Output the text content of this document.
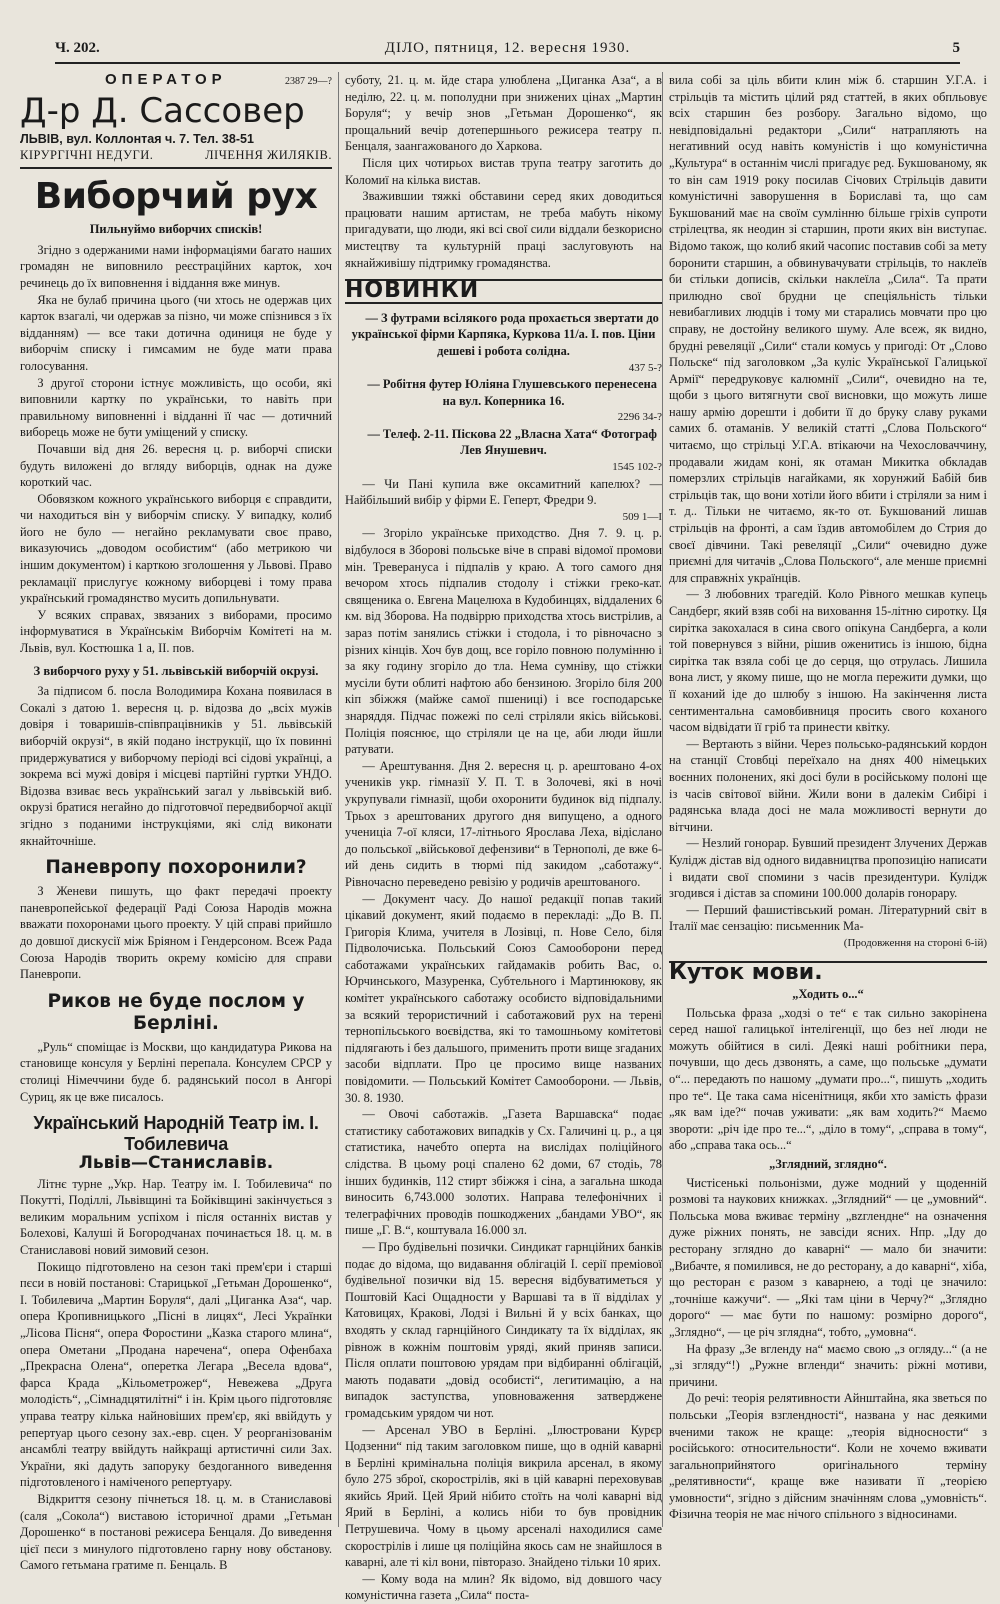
Ч. 202.	ДІЛО, пятниця, 12. вересня 1930.	5
ОПЕРАТОР	2387 29—?
Д-р Д. Сассовер
ЛЬВІВ, вул. Коллонтая ч. 7. Тел. 38-51
КІРУРГІЧНІ НЕДУГИ.	ЛІЧЕННЯ ЖИЛЯКІВ.
Виборчий рух
Пильнуймо виборчих списків!

Згідно з одержаними нами інформаціями багато наших громадян не виповнило реєстраційних карток, хоч речинець до їх виповнення і віддання вже минув.

Яка не булаб причина цього (чи хтось не одержав цих карток взагалі, чи одержав за пізно, чи може спізнився з їх відданням) — все таки дотична одиниця не буде у виборчім списку і гимсамим не буде мати права голосування.

З другої сторони істнує можливість, що особи, які виповнили картку по українськи, то навіть при правильному виповненні і відданні її час — дотичний виборець може не бути уміщений у списку.

Почавши від дня 26. вересня ц. р. виборчі списки будуть виложені до вгляду виборців, однак на дуже короткий час.

Обовязком кожного українського виборця є справдити, чи находиться він у виборчім списку. У випадку, колиб його не було — негайно рекламувати своє право, виказуючись „доводом особистим“ (або метрикою чи іншим документом) і карткою зголошення у Львові. Право рекламації прислугує кожному виборцеві і тому права український громадянство мусить допильнувати.

У всяких справах, звязаних з виборами, просимо інформуватися в Українськім Виборчім Комітеті на м. Львів, вул. Костюшка 1 а, II. пов.

З виборчого руху у 51. львівській виборчій окрузі.

За підписом б. посла Володимира Кохана появилася в Сокалі з датою 1. вересня ц. р. відозва до „всіх мужів довіря і товаришів-співпрацівників у 51. львівській виборчій окрузі“, в якій подано інструкції, що їх повинні придержуватися у виборчому періоді всі сідові українці, а зокрема всі мужі довіря і місцеві партійні гуртки УНДО. Відозва взиває весь український загал у львівській виб. окрузі братися негайно до підготовчої передвиборчої акції згідно з поданими інструкціями, які слід виконати якнайточніше.

Паневропу похоронили?

З Женеви пишуть, що факт передачі проекту паневропейської федерації Раді Союза Народів можна вважати похоронами цього проекту. У цій справі прийшло до довшої дискусії між Бріяном і Гендерсоном. Всеж Рада Союза Народів творить окрему комісію для справи Паневропи.

Риков не буде послом у Берліні.

„Руль“ споміщає із Москви, що кандидатура Рикова на становище консуля у Берліні перепала. Консулем СРСР у столиці Німеччини буде б. радянський посол в Ангорі Суриц, як це вже писалось.

Український Народній Театр ім. І. Тобилевича
Львів—Станиславів.

Літнє турне „Укр. Нар. Театру ім. І. Тобилевича“ по Покутті, Поділлі, Львівщині та Бойківщині закінчується з великим моральним успіхом і після останніх вистав у Болехові, Калуші й Богородчанах починається 18. ц. м. в Станиславові новий зимовий сезон.

Покищо підготовлено на сезон такі прем'єри і старші пєси в новій постанові: Старицької „Гетьман Дорошенко“, І. Тобилевича „Мартин Боруля“, далі „Циганка Аза“, чар. опера Кропивницького „Пісні в лицях“, Лесі Українки „Лісова Пісня“, опера Форостини „Казка старого млина“, опера Ометани „Продана наречена“, опера Офенбаха „Прекрасна Олена“, оперетка Легара „Весела вдова“, фарса Крада „Кільометрожер“, Невежева „Друга молодість“, „Сімнадцятилітні“ і ін. Крім цього підготовляє управа театру кілька найновіших прем'єр, які ввійдуть у репертуар цього сезону зах.-евр. сцен. У реорганізованім ансамблі театру ввійдуть найкращі артистичні сили Зах. України, які дадуть запоруку бездоганного виведення підготовленого і наміченого репертуару.

Відкриття сезону пічнеться 18. ц. м. в Станиславові (саля „Сокола“) виставою історичної драми „Гетьман Дорошенко“ в постанові режисера Бенцаля. До виведення цієї пєси з минулого підготовлено гарну нову обстанову. Самого гетьмана гратиме п. Бенцаль. В

суботу, 21. ц. м. йде стара улюблена „Циганка Аза“, а в неділю, 22. ц. м. пополудни при знижених цінах „Мартин Боруля“; у вечір знов „Гетьман Дорошенко“, як прощальний вечір дотепершнього режисера театру п. Бенцаля, заангажованого до Харкова.

Після цих чотирьох вистав трупа театру заготить до Коломиї на кілька вистав.

Зважившии тяжкі обставини серед яких доводиться працювати нашим артистам, не треба мабуть нікому пригадувати, що люди, які всі свої сили віддали безкорисно мистецтву та культурній праці заслуговують на якнайживішу підтримку громадянства.

НОВИНКИ

— З футрами всілякого рода прохається звертати до української фірми Карпяка, Куркова 11/а. І. пов. Ціни дешеві і робота солідна.

437 5-?

— Робітня футер Юліяна Глушевського перенесена на вул. Коперника 16.

2296 34-?

— Телеф. 2-11. Піскова 22 „Власна Хата“ Фотограф Лев Янушевич.

1545 102-?

— Чи Пані купила вже оксамитний капелюх? — Найбільший вибір у фірми Е. Геперт, Фредри 9.

509 1—І

— Згоріло українське приходство. Дня 7. 9. ц. р. відбулося в Зборові польське віче в справі відомої промови мін. Треверануса і підпалів у краю. А того самого дня вечором хтось підпалив стодолу і стіжки греко-кат. священика о. Евгена Мацелюха в Кудобинцях, віддалених 6 км. від Зборова. На подвіррю приходства хтось вистрілив, а зараз потім занялись стіжки і стодола, і то рівночасно з різних кінців. Хоч був дощ, все горіло повною полумінню і за яку годину згоріло до тла. Нема сумніву, що стіжки мусіли бути облиті нафтою або бензиною. Згоріло біля 200 кіп збіжжя (майже самої пшениці) і все господарське знаряддя. Підчас пожежі по селі стріляли якісь військові. Поліція пояснює, що стріляли це на це, аби люди йшли ратувати.

— Арештування. Дня 2. вересня ц. р. арештовано 4-ох учеників укр. гімназії У. П. Т. в Золочеві, які в ночі укрупували гімназії, щоби охоронити будинок від підпалу. Трьох з арештованих другого дня випущено, а одного учениціа 7-ої кляси, 17-літнього Ярослава Леха, відіслано до польської „військової дефензиви“ в Тернополі, де вже 6-ий день сидить в тюрмі під закидом „саботажу“. Рівночасно переведено ревізію у родичів арештованого.

— Документ часу. До нашої редакції попав такий цікавий документ, який подаємо в перекладі: „До В. П. Григорія Клима, учителя в Лозівці, п. Нове Село, біля Підволочиська. Польський Союз Самооборони перед саботажами українських гайдамаків робить Вас, о. Юрчинського, Мазуренка, Субтельного і Мартинюкову, як комітет українського саботажу особисто відповідальними за всякий терористичний і саботажовий рух на терені тернопільського воєвідства, які то тамошньому комітетові підлягають і без дальшого, применить проти вище згаданих засоби відплати. Про це просимо вище названих повідомити. — Польський Комітет Самооборони. — Львів, 30. 8. 1930.

— Овочі саботажів. „Газета Варшавска“ подає статистику саботажових випадків у Сх. Галичині ц. р., а ця статистика, начебто оперта на вислідах поліційного слідства. В цьому році спалено 62 доми, 67 стодіь, 78 інших будинків, 112 стирт збіжжя і сіна, а загальна шкода виносить 6,743.000 золотих. Направа телефонічних і телеграфічних проводів пошкоджених „бандами УВО“, як пише „Г. В.“, коштувала 16.000 зл.

— Про будівельні позички. Синдикат гарнційних банків подає до відома, що видавання облігацій І. серії преміової будівельної позички від 15. вересня відбуватиметься у Поштовій Касі Ощадности у Варшаві та в її відділах у Катовицях, Кракові, Лодзі і Вильні й у всіх банках, що входять у склад гарнційного Синдикату та їх відділах, як рівнож в кожнім поштовім уряді, який приняв записи. Після оплати поштовою урядам при відбиранні облігацій, мають подавати „довід особисті“, легитимацію, а на випадок заступства, уповноваження затверджене громадським урядом чи нот.

— Арсенал УВО в Берліні. „Ілюстровани Курєр Цодзенни“ під таким заголовком пише, що в одній каварні в Берліні кримінальна поліція викрила арсенал, в якому було 275 зброї, скорострілів, які в цій каварні переховував якийсь Ярий. Цей Ярий нібито стоїть на чолі каварні від Ярий в Берліні, а колись ніби то був провідник Петрушевича. Чому в цьому арсеналі находилися саме скорострілів і лише ця поліційна якось сам не знайшлося в каварні, але ті кіл вони, півторазо. Знайдено тільки 10 ярих.

— Кому вода на млин? Як відомо, від довшого часу комуністична газета „Сила“ поста-

вила собі за ціль вбити клин між б. старшин У.Г.А. і стрільців та містить цілий ряд статтей, в яких обпльовує всіх старшин без розбору. Загально відомо, що невідповідальні редактори „Сили“ натрапляють на негативний осуд навіть комуністів і що комуністична „Культура“ в останнім числі пригадує ред. Букшованому, як то він сам 1919 року посилав Січових Стрільців давити комуністичні заворушення в Бориславі та, що сам Букшований має на своїм сумлінню більше гріхів супроти стрілецтва, як неодин зі старшин, проти яких він виступає. Відомо також, що колиб який часопис поставив собі за мету боронити старшин, а обвинувачувати стрільців, то наклеїв би стільки дописів, скільки наклеїла „Сила“. Та прати прилюдно свої брудни це спеціяльність тільки невибагливих людців і тому ми старались мовчати про цю справу, не достойну великого шуму. Але всеж, як видно, брудні ревеляції „Сили“ стали комусь у пригоді: От „Слово Польске“ під заголовком „За куліс Української Галицької Армії“ передруковує калюмнії „Сили“, очевидно на те, щоби з цього витягнути свої висновки, що можуть лише нашу армію дорешти і добити її до бруку славу руками самих б. отаманів. У великій статті „Слова Польского“ читаємо, що стрільці У.Г.А. втікаючи на Чехословаччину, продавали жидам коні, як отаман Микитка обкладав померзлих стрільців нагайками, як хорунжий Бабій бив стрільців так, що вони хотіли його вбити і стріляли за ним і т. д.. Тільки не читаємо, як-то от. Букшований лишав стрільців на фронті, а сам їздив автомобілем до Стрия до своєї дівчини. Такі ревеляції „Сили“ очевидно дуже приємні для читачів „Слова Польского“, але менше приємні для справжніх українців.

— З любовних трагедій. Коло Рівного мешкав купець Сандберг, який взяв собі на виховання 15-літню сиротку. Ця сирітка закохалася в сина свого опікуна Сандберга, а коли той повернувся з війни, рішив оженитись із іншою, бідна сирітка так взяла собі це до серця, що отрулась. Лишила вона лист, у якому пише, що не могла пережити думки, що її коханий іде до шлюбу з іншою. На закінчення листа сентиментальна самовбивниця просить свого коханого часом відвідати її гріб та принести квітку.

— Вертають з війни. Через польсько-радянський кордон на станції Стовбці переїхало на днях 400 німецьких воєнних полонених, які досі були в російському полоні ще із часів світової війни. Жили вони в далекім Сибірі і радянська влада досі не мала можливості вернути до вітчини.

— Незлий гонорар. Бувший президент Злучених Держав Кулідж дістав від одного видавництва пропозицію написати і видати свої спомини з часів президентури. Кулідж згодився і дістав за спомини 100.000 доларів гонорару.

— Перший фашистівський роман. Літературний світ в Італії має сензацію: письменник Ма-

(Продовження на стороні 6-ій)
Куток мови.
„Ходить о...“

Польська фраза „ходзі о те“ є так сильно закорінена серед нашої галицької інтелігенції, що без неї люди не можуть обійтися в силі. Деякі наші робітники пера, почувши, що десь дзвонять, а саме, що польське „думати о“... передають по нашому „думати про...“, пишуть „ходить про те“. Це така сама нісенітниця, якби хто замість фрази „як вам іде?“ почав уживати: „як вам ходить?“ Маємо звороти: „річ іде про те...“, „діло в тому“, „справа в тому“, або „справа така ось...“

„Зглядний, зглядно“.

Чистісенькі польонізми, дуже модний у щоденній розмові та наукових книжках. „Зглядний“ — це „умовний“. Польська мова вживає терміну „вzглендне“ на означення дуже ріжних понять, не завсіди ясних. Нпр. „Ідy до ресторану зглядно до каварні“ — мало би значити: „Вибачте, я помилився, не до ресторану, а до каварні“, хіба, що ресторан є разом з каварнею, а тоді це значило: „точніше кажучи“. — „Які там ціни в Черчу?“ „Зглядно дорого“ — має бути по нашому: розмірно дорого“, „Зглядно“, — це річ зглядна“, тобто, „умовна“.

На фразу „Зе вгленду на“ маємо свою „з огляду...“ (а не „зі згляду“!) „Ружне вгленди“ значить: ріжні мотиви, причини.

До речі: теорія релятивности Айнштайна, яка зветься по польськи „Теорія взглендності“, названа у нас деякими вченими також не краще: „теорія відносности“ з російського: относительности“. Коли не хочемо вживати загальноприйнятого оригінального терміну „релятивности“, краще вже називати її „теорією умовности“, згідно з дійсним значінням слова „умовність“. Фізична теорія не має нічого спільного з відносинами.
